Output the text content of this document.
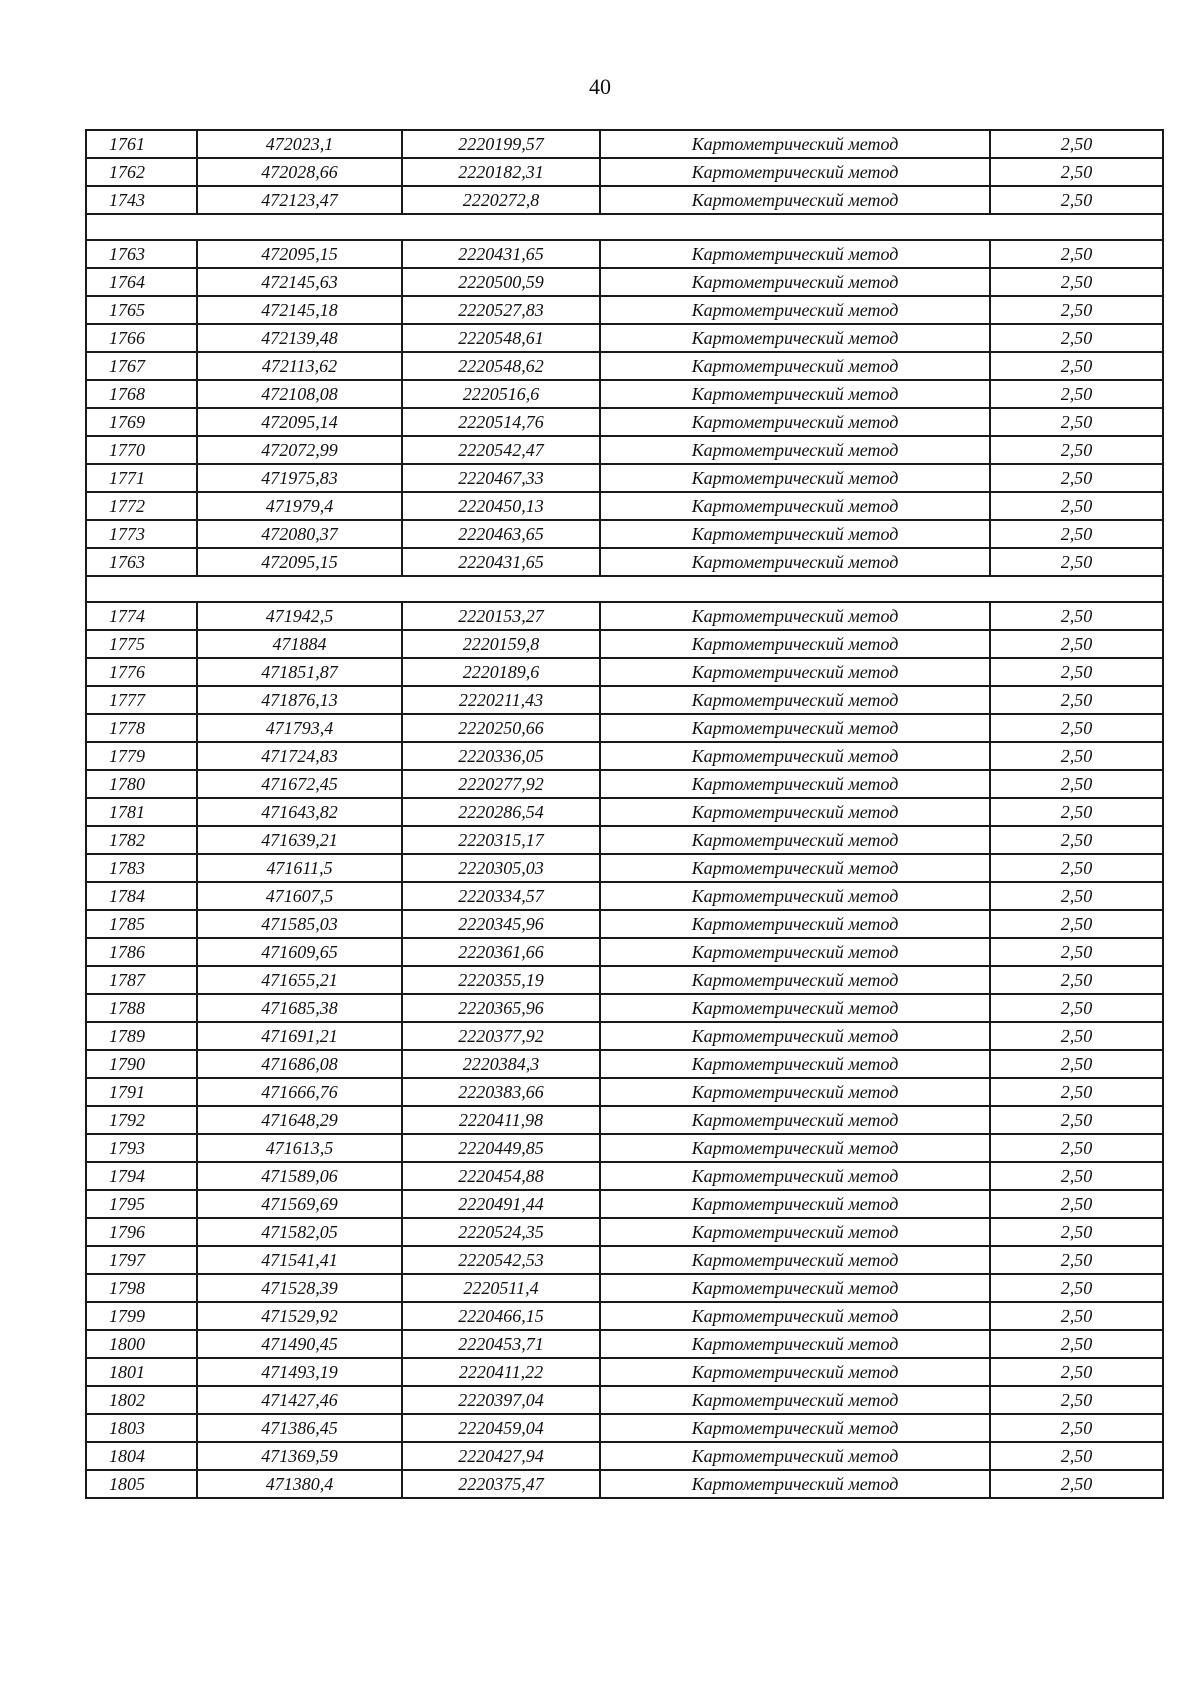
40
1761	472023,1	2220199,57	Картометрический метод	2,50
1762	472028,66	2220182,31	Картометрический метод	2,50
1743	472123,47	2220272,8	Картометрический метод	2,50

1763	472095,15	2220431,65	Картометрический метод	2,50
1764	472145,63	2220500,59	Картометрический метод	2,50
1765	472145,18	2220527,83	Картометрический метод	2,50
1766	472139,48	2220548,61	Картометрический метод	2,50
1767	472113,62	2220548,62	Картометрический метод	2,50
1768	472108,08	2220516,6	Картометрический метод	2,50
1769	472095,14	2220514,76	Картометрический метод	2,50
1770	472072,99	2220542,47	Картометрический метод	2,50
1771	471975,83	2220467,33	Картометрический метод	2,50
1772	471979,4	2220450,13	Картометрический метод	2,50
1773	472080,37	2220463,65	Картометрический метод	2,50
1763	472095,15	2220431,65	Картометрический метод	2,50

1774	471942,5	2220153,27	Картометрический метод	2,50
1775	471884	2220159,8	Картометрический метод	2,50
1776	471851,87	2220189,6	Картометрический метод	2,50
1777	471876,13	2220211,43	Картометрический метод	2,50
1778	471793,4	2220250,66	Картометрический метод	2,50
1779	471724,83	2220336,05	Картометрический метод	2,50
1780	471672,45	2220277,92	Картометрический метод	2,50
1781	471643,82	2220286,54	Картометрический метод	2,50
1782	471639,21	2220315,17	Картометрический метод	2,50
1783	471611,5	2220305,03	Картометрический метод	2,50
1784	471607,5	2220334,57	Картометрический метод	2,50
1785	471585,03	2220345,96	Картометрический метод	2,50
1786	471609,65	2220361,66	Картометрический метод	2,50
1787	471655,21	2220355,19	Картометрический метод	2,50
1788	471685,38	2220365,96	Картометрический метод	2,50
1789	471691,21	2220377,92	Картометрический метод	2,50
1790	471686,08	2220384,3	Картометрический метод	2,50
1791	471666,76	2220383,66	Картометрический метод	2,50
1792	471648,29	2220411,98	Картометрический метод	2,50
1793	471613,5	2220449,85	Картометрический метод	2,50
1794	471589,06	2220454,88	Картометрический метод	2,50
1795	471569,69	2220491,44	Картометрический метод	2,50
1796	471582,05	2220524,35	Картометрический метод	2,50
1797	471541,41	2220542,53	Картометрический метод	2,50
1798	471528,39	2220511,4	Картометрический метод	2,50
1799	471529,92	2220466,15	Картометрический метод	2,50
1800	471490,45	2220453,71	Картометрический метод	2,50
1801	471493,19	2220411,22	Картометрический метод	2,50
1802	471427,46	2220397,04	Картометрический метод	2,50
1803	471386,45	2220459,04	Картометрический метод	2,50
1804	471369,59	2220427,94	Картометрический метод	2,50
1805	471380,4	2220375,47	Картометрический метод	2,50
